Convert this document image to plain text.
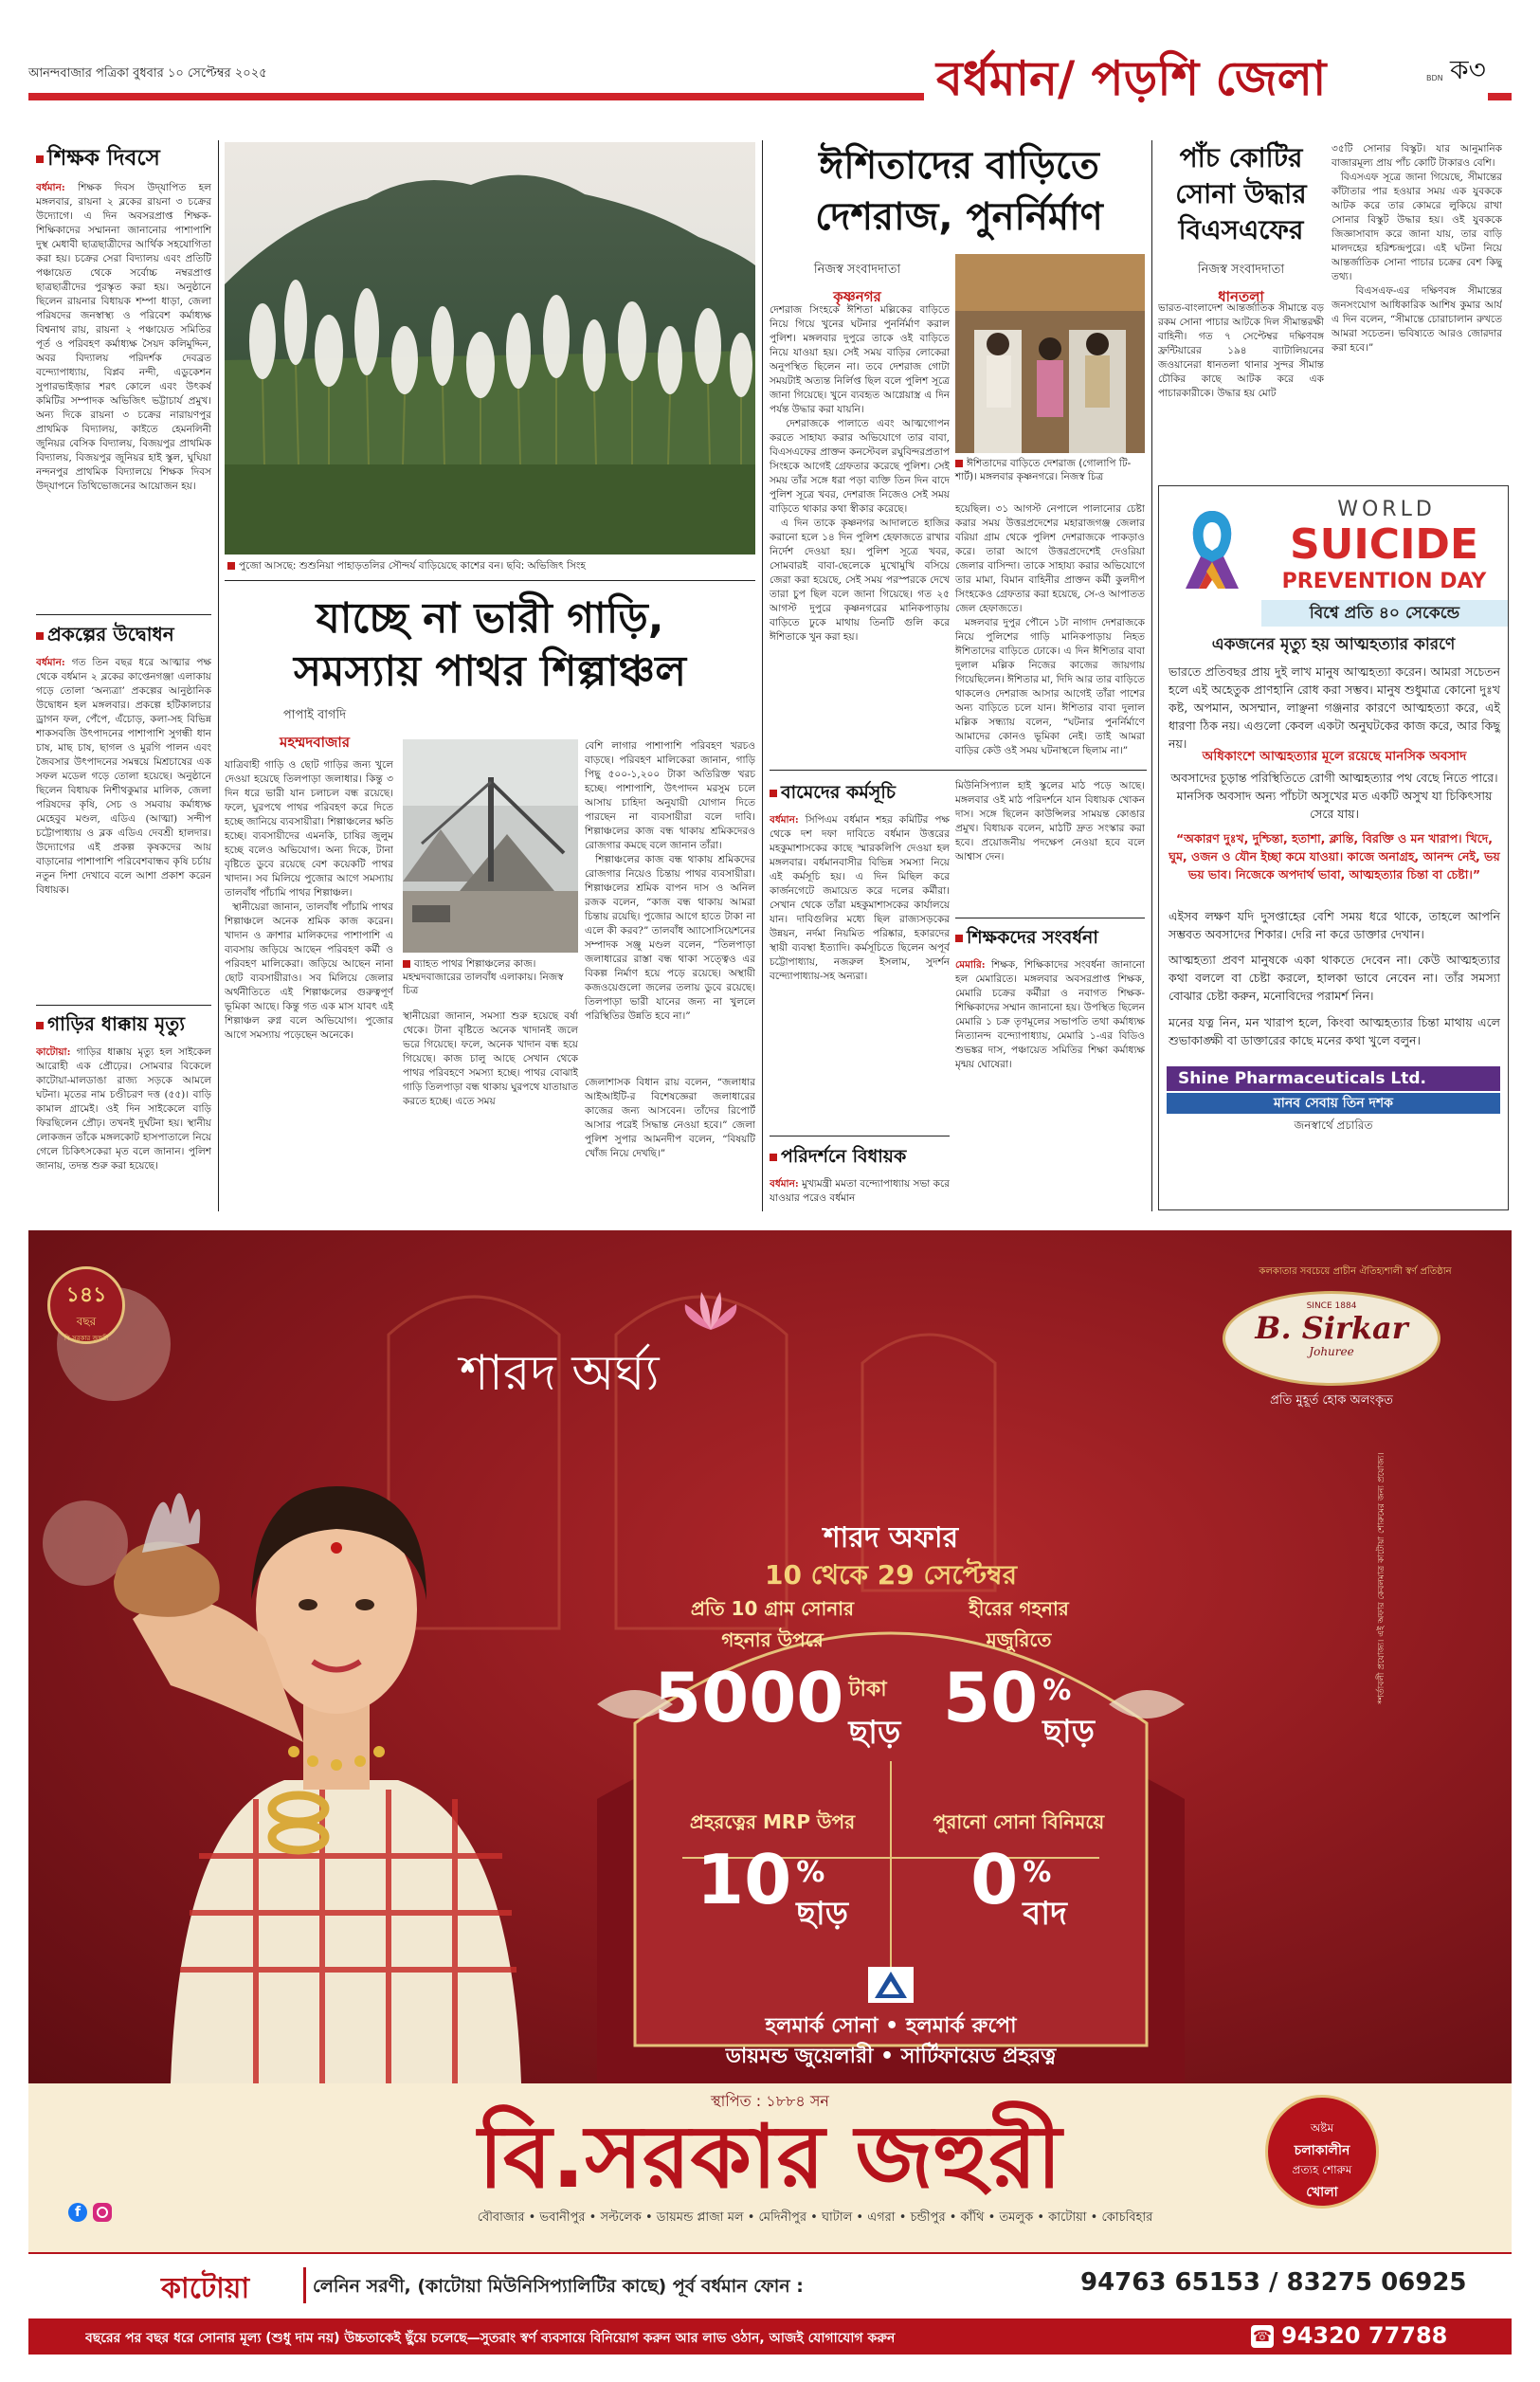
আনন্দবাজার পত্রিকা বুধবার ১০ সেপ্টেম্বর ২০২৫	বর্ধমান/ পড়শি জেলা	BDN ক৩
শিক্ষক দিবসে
বর্ধমান: শিক্ষক দিবস উদ্‌যাপিত হল মঙ্গলবার, রায়না ২ ব্লকের রায়না ৩ চক্রের উদ্যোগে। এ দিন অবসরপ্রাপ্ত শিক্ষক-শিক্ষিকাদের সম্মাননা জানানোর পাশাপাশি দুস্থ মেধাবী ছাত্রছাত্রীদের আর্থিক সহযোগিতা করা হয়। চক্রের সেরা বিদ্যালয় এবং প্রতিটি পঞ্চায়েত থেকে সর্বোচ্চ নম্বরপ্রাপ্ত ছাত্রছাত্রীদের পুরস্কৃত করা হয়। অনুষ্ঠানে ছিলেন রায়নার বিধায়ক শম্পা ধাড়া, জেলা পরিষদের জনস্বাস্থ্য ও পরিবেশ কর্মাধ্যক্ষ বিশ্বনাথ রায়, রায়না ২ পঞ্চায়েত সমিতির পূর্ত ও পরিবহণ কর্মাধ্যক্ষ সৈয়দ কলিমুদ্দিন, অবর বিদ্যালয় পরিদর্শক দেবব্রত বন্দ্যোপাধ্যায়, বিপ্লব নন্দী, এডুকেশন সুপারভাইজ়ার শরৎ কোলে এবং উৎকর্ষ কমিটির সম্পাদক অভিজিৎ ভট্টাচার্য প্রমুখ। অন্য দিকে রায়না ৩ চক্রের নারায়ণপুর প্রাথমিক বিদ্যালয়, কাইতে হেমনলিনী জুনিয়র বেসিক বিদ্যালয়, বিজয়পুর প্রাথমিক বিদ্যালয়, বিজয়পুর জুনিয়র হাই স্কুল, ঘুঘিয়া নন্দনপুর প্রাথমিক বিদ্যালয়ে শিক্ষক দিবস উদ্‌যাপনে তিথিভোজনের আয়োজন হয়।
প্রকল্পের উদ্বোধন
বর্ধমান: গত তিন বছর ধরে আত্মার পক্ষ থেকে বর্ধমান ২ ব্লকের কাপ্তেনগঞ্জা এলাকায় গড়ে তোলা ‘অন্যত্রা’ প্রকল্পের আনুষ্ঠানিক উদ্বোধন হল মঙ্গলবার। প্রকল্পে হটিকালচার ড্রাগন ফল, পেঁপে, এঁচোড়, কলা-সহ বিভিন্ন শাকসবজি উৎপাদনের পাশাপাশি সুগন্ধী ধান চাষ, মাছ চাষ, ছাগল ও মুরগি পালন এবং জৈবসার উৎপাদনের সমন্বয়ে মিশ্রচাষের এক সফল মডেল গড়ে তোলা হয়েছে। অনুষ্ঠানে ছিলেন বিধায়ক নিশীথকুমার মালিক, জেলা পরিষদের কৃষি, সেচ ও সমবায় কর্মাধ্যক্ষ মেহেবুব মণ্ডল, এডিএ (আত্মা) সন্দীপ চট্টোপাধ্যায় ও ব্লক এডিএ দেবশ্রী হালদার। উদ্যোগের এই প্রকল্প কৃষকদের আয় বাড়ানোর পাশাপাশি পরিবেশবান্ধব কৃষি চর্চায় নতুন দিশা দেখাবে বলে আশা প্রকাশ করেন বিধায়ক।
গাড়ির ধাক্কায় মৃত্যু
কাটোয়া: গাড়ির ধাক্কায় মৃত্যু হল সাইকেল আরোহী এক প্রৌঢ়ের। সোমবার বিকেলে কাটোয়া-মালডাঙা রাজ্য সড়কে আমলে ঘটনা। মৃতের নাম চণ্ডীচরণ দত্ত (৫৫)। বাড়ি কামাল গ্রামেই। ওই দিন সাইকেলে বাড়ি ফিরছিলেন প্রৌঢ়। তখনই দুর্ঘটনা হয়। স্থানীয় লোকজন তাঁকে মঙ্গলকোট হাসপাতালে নিয়ে গেলে চিকিৎসকেরা মৃত বলে জানান। পুলিশ জানায়, তদন্ত শুরু করা হয়েছে।
পুজো আসছে: শুশুনিয়া পাহাড়তলির সৌন্দর্য বাড়িয়েছে কাশের বন। ছবি: অভিজিৎ সিংহ
যাচ্ছে না ভারী গাড়ি,
সমস্যায় পাথর শিল্পাঞ্চল
পাপাই বাগদি
মহম্মদবাজার
যাত্রিবাহী গাড়ি ও ছোট গাড়ির জন্য খুলে দেওয়া হয়েছে তিলপাড়া জলাধার। কিন্তু ৩ দিন ধরে ভারী যান চলাচল বন্ধ রয়েছে। ফলে, ঘুরপথে পাথর পরিবহণ করে দিতে হচ্ছে জানিয়ে ব্যবসায়ীরা। শিল্পাঞ্চলের ক্ষতি হচ্ছে। ব্যবসায়ীদের এমনকি, চাষির জুলুম হচ্ছে বলেও অভিযোগ। অন্য দিকে, টানা বৃষ্টিতে ডুবে রয়েছে বেশ কয়েকটি পাথর খাদান। সব মিলিয়ে পুজোর আগে সমস্যায় তালবাঁধ পাঁচামি পাথর শিল্পাঞ্চল।
স্থানীয়েরা জানান, তালবাঁধ পাঁচামি পাথর শিল্পাঞ্চলে অনেক শ্রমিক কাজ করেন। খাদান ও ক্রাশার মালিকদের পাশাপাশি এ ব্যবসায় জড়িয়ে আছেন পরিবহণ কর্মী ও পরিবহণ মালিকেরা। জড়িয়ে আছেন নানা ছোট ব্যবসায়ীরাও। সব মিলিয়ে জেলার অর্থনীতিতে এই শিল্পাঞ্চলের গুরুত্বপূর্ণ ভূমিকা আছে। কিন্তু গত এক মাস যাবৎ এই শিল্পাঞ্চল রুগ্ন বলে অভিযোগ। পুজোর আগে সমস্যায় পড়েছেন অনেকে।
ব্যাহত পাথর শিল্পাঞ্চলের কাজ। মহম্মদবাজারের তালবাঁধ এলাকায়। নিজস্ব চিত্র
স্থানীয়েরা জানান, সমস্যা শুরু হয়েছে বর্ষা থেকে। টানা বৃষ্টিতে অনেক খাদানই জলে ভরে গিয়েছে। ফলে, অনেক খাদান বন্ধ হয়ে গিয়েছে। কাজ চালু আছে সেখান থেকে পাথর পরিবহণে সমস্যা হচ্ছে। পাথর বোঝাই গাড়ি তিলপাড়া বন্ধ থাকায় ঘুরপথে যাতায়াত করতে হচ্ছে। এতে সময়
বেশি লাগার পাশাপাশি পরিবহণ খরচও বাড়ছে। পরিবহণ মালিকেরা জানান, গাড়ি পিছু ৫০০-১,২০০ টাকা অতিরিক্ত খরচ হচ্ছে। পাশাপাশি, উৎপাদন মরসুম চলে আসায় চাহিদা অনুযায়ী যোগান দিতে পারছেন না ব্যবসায়ীরা বলে দাবি। শিল্পাঞ্চলের কাজ বন্ধ থাকায় শ্রমিকদেরও রোজগার কমছে বলে জানান তাঁরা।
শিল্পাঞ্চলের কাজ বন্ধ থাকায় শ্রমিকদের রোজগার নিয়েও চিন্তায় পাথর ব্যবসায়ীরা। শিল্পাঞ্চলের শ্রমিক বাপন দাস ও অনিল রজক বলেন, “কাজ বন্ধ থাকায় আমরা চিন্তায় রয়েছি। পুজোর আগে হাতে টাকা না এলে কী করব?” তালবাঁধ অ্যাসোসিয়েশনের সম্পাদক সঞ্জু মণ্ডল বলেন, “তিলপাড়া জলাধারের রাস্তা বন্ধ থাকা সত্ত্বেও এর বিকল্প নির্মাণ হয়ে পড়ে রয়েছে। অস্থায়ী কজওয়েগুলো জলের তলায় ডুবে রয়েছে। তিলপাড়া ভারী যানের জন্য না খুললে পরিস্থিতির উন্নতি হবে না।”
জেলাশাসক বিধান রায় বলেন, “জলাধার আইআইটি-র বিশেষজ্ঞেরা জলাধারের কাজের জন্য আসবেন। তাঁদের রিপোর্ট আসার পরেই সিদ্ধান্ত নেওয়া হবে।” জেলা পুলিশ সুপার আমনদীপ বলেন, “বিষয়টি খোঁজ নিয়ে দেখছি।”
ঈশিতাদের বাড়িতে
দেশরাজ, পুনর্নির্মাণ
নিজস্ব সংবাদদাতা
কৃষ্ণনগর
দেশরাজ সিংহকে ঈশিতা মল্লিকের বাড়িতে নিয়ে গিয়ে খুনের ঘটনার পুনর্নির্মাণ করাল পুলিশ। মঙ্গলবার দুপুরে তাকে ওই বাড়িতে নিয়ে যাওয়া হয়। সেই সময় বাড়ির লোকেরা অনুপস্থিত ছিলেন না। তবে দেশরাজ গোটা সময়টাই অত্যন্ত নির্লিপ্ত ছিল বলে পুলিশ সূত্রে জানা গিয়েছে। খুনে ব্যবহৃত আগ্নেয়াস্ত্র এ দিন পর্যন্ত উদ্ধার করা যায়নি।
দেশরাজকে পালাতে এবং আত্মগোপন করতে সাহায্য করার অভিযোগে তার বাবা, বিএসএফের প্রাক্তন কনস্টেবল রঘুবিন্দরপ্রতাপ সিংহকে আগেই গ্রেফতার করেছে পুলিশ। সেই সময় তাঁর সঙ্গে ধরা পড়া ব্যক্তি তিন দিন বাদে পুলিশ সূত্রে খবর, দেশরাজ নিজেও সেই সময় বাড়িতে থাকার কথা স্বীকার করেছে।
এ দিন তাকে কৃষ্ণনগর আদালতে হাজির করানো হলে ১৪ দিন পুলিশ হেফাজতে রাখার নির্দেশ দেওয়া হয়। পুলিশ সূত্রে খবর, সোমবারই বাবা-ছেলেকে মুখোমুখি বসিয়ে জেরা করা হয়েছে, সেই সময় পরস্পরকে দেখে তারা চুপ ছিল বলে জানা গিয়েছে। গত ২৫ আগস্ট দুপুরে কৃষ্ণনগরের মানিকপাড়ায় বাড়িতে ঢুকে মাথায় তিনটি গুলি করে ঈশিতাকে খুন করা হয়।
ঈশিতাদের বাড়িতে দেশরাজ (গোলাপি টি-শার্ট)। মঙ্গলবার কৃষ্ণনগরে। নিজস্ব চিত্র
হয়েছিল। ৩১ আগস্ট নেপালে পালানোর চেষ্টা করার সময় উত্তরপ্রদেশের মহারাজগঞ্জ জেলার বরিয়া গ্রাম থেকে পুলিশ দেশরাজকে পাকড়াও করে। তারা আগে উত্তরপ্রদেশেই দেওরিয়া জেলার বাসিন্দা। তাকে সাহায্য করার অভিযোগে তার মামা, বিমান বাহিনীর প্রাক্তন কর্মী কুলদীপ সিংহকেও গ্রেফতার করা হয়েছে, সে-ও আপাতত জেল হেফাজতে।
মঙ্গলবার দুপুর পৌনে ১টা নাগাদ দেশরাজকে নিয়ে পুলিশের গাড়ি মানিকপাড়ায় নিহত ঈশিতাদের বাড়িতে ঢোকে। এ দিন ঈশিতার বাবা দুলাল মল্লিক নিজের কাজের জায়গায় গিয়েছিলেন। ঈশিতার মা, দিদি আর তার বাড়িতে থাকলেও দেশরাজ আসার আগেই তাঁরা পাশের অন্য বাড়িতে চলে যান। ঈশিতার বাবা দুলাল মল্লিক সন্ধ্যায় বলেন, “ঘটনার পুনর্নির্মাণে আমাদের কোনও ভূমিকা নেই। তাই আমরা বাড়ির কেউ ওই সময় ঘটনাস্থলে ছিলাম না।”
বামেদের কর্মসূচি
বর্ধমান: সিপিএম বর্ধমান শহর কমিটির পক্ষ থেকে দশ দফা দাবিতে বর্ধমান উত্তরের মহকুমাশাসকের কাছে স্মারকলিপি দেওয়া হল মঙ্গলবার। বর্ধমানবাসীর বিভিন্ন সমস্যা নিয়ে এই কর্মসূচি হয়। এ দিন মিছিল করে কার্জনগেটে জমায়েত করে দলের কর্মীরা। সেখান থেকে তাঁরা মহকুমাশাসকের কার্যালয়ে যান। দাবিগুলির মধ্যে ছিল রাজ্যসড়কের উন্নয়ন, নর্দমা নিয়মিত পরিষ্কার, হকারদের স্থায়ী ব্যবস্থা ইত্যাদি। কর্মসূচিতে ছিলেন অপূর্ব চট্টোপাধ্যায়, নজরুল ইসলাম, সুদর্শন বন্দ্যোপাধ্যায়-সহ অন্যরা।
পরিদর্শনে বিধায়ক
বর্ধমান: মুখ্যমন্ত্রী মমতা বন্দ্যোপাধ্যায় সভা করে যাওয়ার পরেও বর্ধমান
মিউনিসিপ্যাল হাই স্কুলের মাঠ পড়ে আছে। মঙ্গলবার ওই মাঠ পরিদর্শনে যান বিধায়ক খোকন দাস। সঙ্গে ছিলেন কাউন্সিলর সাময়ন্ত কোঙার প্রমুখ। বিধায়ক বলেন, মাঠটি দ্রুত সংস্কার করা হবে। প্রয়োজনীয় পদক্ষেপ নেওয়া হবে বলে আশ্বাস দেন।
শিক্ষকদের সংবর্ধনা
মেমারি: শিক্ষক, শিক্ষিকাদের সংবর্ধনা জানানো হল মেমারিতে। মঙ্গলবার অবসরপ্রাপ্ত শিক্ষক, মেমারি চক্রের কর্মীরা ও নবাগত শিক্ষক-শিক্ষিকাদের সম্মান জানানো হয়। উপস্থিত ছিলেন মেমারি ১ চক্র তৃণমূলের সভাপতি তথা কর্মাধ্যক্ষ নিত্যানন্দ বন্দ্যোপাধ্যায়, মেমারি ১-এর বিডিও শুভঙ্কর দাস, পঞ্চায়েত সমিতির শিক্ষা কর্মাধ্যক্ষ মৃন্ময় ঘোষেরা।
পাঁচ কোটির
সোনা উদ্ধার
বিএসএফের
নিজস্ব সংবাদদাতা
ধানতলা
ভারত-বাংলাদেশ আন্তর্জাতিক সীমান্তে বড় রকম সোনা পাচার আটকে দিল সীমান্তরক্ষী বাহিনী। গত ৭ সেপ্টেম্বর দক্ষিণবঙ্গ ফ্রন্টিয়ারের ১৯৪ ব্যাটালিয়নের জওয়ানেরা ধানতলা থানার সুন্দর সীমান্ত চৌকির কাছে আটক করে এক পাচারকারীকে। উদ্ধার হয় মোট
৩৫টি সোনার বিস্কুট। যার আনুমানিক বাজারমূল্য প্রায় পাঁচ কোটি টাকারও বেশি।
বিএসএফ সূত্রে জানা গিয়েছে, সীমান্তের কাঁটাতার পার হওয়ার সময় এক যুবককে আটক করে তার কোমরে লুকিয়ে রাখা সোনার বিস্কুট উদ্ধার হয়। ওই যুবককে জিজ্ঞাসাবাদ করে জানা যায়, তার বাড়ি মালদহের হরিশ্চন্দ্রপুরে। এই ঘটনা নিয়ে আন্তর্জাতিক সোনা পাচার চক্রের বেশ কিছু তথ্য।
বিএসএফ-এর দক্ষিণবঙ্গ সীমান্তের জনসংযোগ আধিকারিক আশিষ কুমার আর্য এ দিন বলেন, “সীমান্তে চোরাচালান রুখতে আমরা সচেতন। ভবিষ্যতে আরও জোরদার করা হবে।”
WORLD
SUICIDE
PREVENTION DAY
বিশ্বে প্রতি ৪০ সেকেন্ডে
একজনের মৃত্যু হয় আত্মহত্যার কারণে
ভারতে প্রতিবছর প্রায় দুই লাখ মানুষ আত্মহত্যা করেন। আমরা সচেতন হলে এই অহেতুক প্রাণহানি রোধ করা সম্ভব। মানুষ শুধুমাত্র কোনো দুঃখ কষ্ট, অপমান, অসম্মান, লাঞ্ছনা গঞ্জনার কারণে আত্মহত্যা করে, এই ধারণা ঠিক নয়। এগুলো কেবল একটা অনুঘটকের কাজ করে, আর কিছু নয়।
অধিকাংশে আত্মহত্যার মূলে রয়েছে মানসিক অবসাদ
অবসাদের চূড়ান্ত পরিস্থিতিতে রোগী আত্মহত্যার পথ বেছে নিতে পারে। মানসিক অবসাদ অন্য পাঁচটা অসুখের মত একটি অসুখ যা চিকিৎসায় সেরে যায়।
“অকারণ দুঃখ, দুশ্চিন্তা, হতাশা, ক্লান্তি, বিরক্তি ও মন খারাপ। খিদে, ঘুম, ওজন ও যৌন ইচ্ছা কমে যাওয়া। কাজে অনাগ্রহ, আনন্দ নেই, ভয় ভয় ভাব। নিজেকে অপদার্থ ভাবা, আত্মহত্যার চিন্তা বা চেষ্টা।”
এইসব লক্ষণ যদি দুসপ্তাহের বেশি সময় ধরে থাকে, তাহলে আপনি সম্ভবত অবসাদের শিকার। দেরি না করে ডাক্তার দেখান।
আত্মহত্যা প্রবণ মানুষকে একা থাকতে দেবেন না। কেউ আত্মহত্যার কথা বললে বা চেষ্টা করলে, হালকা ভাবে নেবেন না। তাঁর সমস্যা বোঝার চেষ্টা করুন, মনোবিদের পরামর্শ নিন।
মনের যত্ন নিন, মন খারাপ হলে, কিংবা আত্মহত্যার চিন্তা মাথায় এলে শুভাকাঙ্ক্ষী বা ডাক্তারের কাছে মনের কথা খুলে বলুন।
Shine Pharmaceuticals Ltd.
মানব সেবায় তিন দশক
জনস্বার্থে প্রচারিত
১৪১
বছর
বি.সরকার জহুরী
শারদ অর্ঘ্য
কলকাতার সবচেয়ে প্রাচীন ঐতিহ্যশালী স্বর্ণ প্রতিষ্ঠান
SINCE 1884
B. Sirkar
Johuree
প্রতি মুহূর্ত হোক অলংকৃত
শারদ অফার
10 থেকে 29 সেপ্টেম্বর
প্রতি 10 গ্রাম সোনার
গহনার উপরে
5000 টাকা
ছাড়
হীরের গহনার
মজুরিতে
50 %
ছাড়
প্রহরত্নের MRP উপর
10 %
ছাড়
পুরানো সোনা বিনিময়ে
0 %
বাদ
হলমার্ক সোনা • হলমার্ক রুপো
ডায়মন্ড জুয়েলারী • সার্টিফায়েড প্রহরত্ন
*শর্তাবলী প্রযোজ্য। এই অফার কেবলমাত্র কাটোয়া শোরুমের জন্য প্রযোজ্য।
স্থাপিত : ১৮৮৪ সন
বি.সরকার জহুরী	অষ্টম
চলাকালীন
প্রত্যহ শোরুম
খোলা
f	বৌবাজার • ভবানীপুর • সল্টলেক • ডায়মন্ড প্লাজা মল • মেদিনীপুর • ঘাটাল • এগরা • চন্ডীপুর • কাঁথি • তমলুক • কাটোয়া • কোচবিহার
কাটোয়া	লেনিন সরণী, (কাটোয়া মিউনিসিপ্যালিটির কাছে) পূর্ব বর্ধমান ফোন :	94763 65153 / 83275 06925
বছরের পর বছর ধরে সোনার মূল্য (শুধু দাম নয়) উচ্চতাকেই ছুঁয়ে চলেছে—সুতরাং স্বর্ণ ব্যবসায়ে বিনিয়োগ করুন আর লাভ ওঠান, আজই যোগাযোগ করুন	☎ 94320 77788
